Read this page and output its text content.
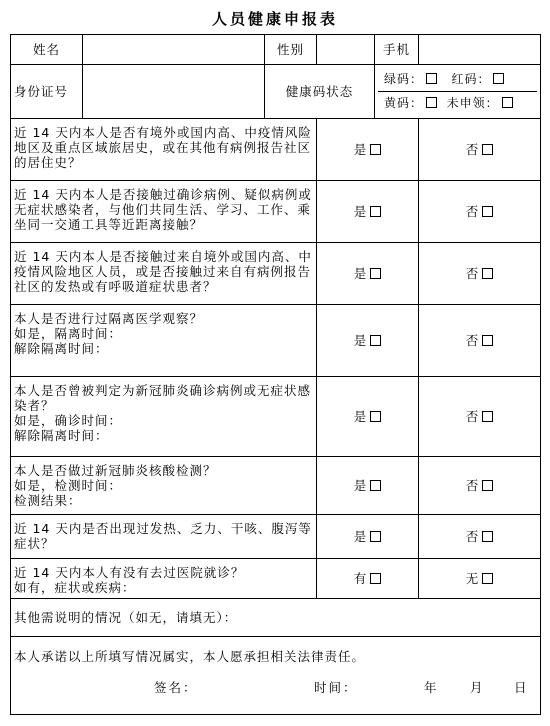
人员健康申报表
姓名		性别		手机	
身份证号		健康码状态	
绿码： 红码：
黄码： 未申领：

近 14 天内本人是否有境外或国内高、中疫情风险地区及重点区域旅居史，或在其他有病例报告社区的居住史？	是	否
近 14 天内本人是否接触过确诊病例、疑似病例或无症状感染者，与他们共同生活、学习、工作、乘坐同一交通工具等近距离接触？	是	否
近 14 天内本人是否接触过来自境外或国内高、中疫情风险地区人员，或是否接触过来自有病例报告社区的发热或有呼吸道症状患者？	是	否

本人是否进行过隔离医学观察？
如是，隔离时间：
解除隔离时间：
	是	否

本人是否曾被判定为新冠肺炎确诊病例或无症状感染者？
如是，确诊时间：
解除隔离时间：
	是	否

本人是否做过新冠肺炎核酸检测？
如是，检测时间：
检测结果：
	是	否
近 14 天内是否出现过发热、乏力、干咳、腹泻等症状？	是	否

近 14 天内本人有没有去过医院就诊？
如有，症状或疾病：
	有	无
其他需说明的情况（如无，请填无）：

本人承诺以上所填写情况属实，本人愿承担相关法律责任。
签名：	时间：	年	月	日
